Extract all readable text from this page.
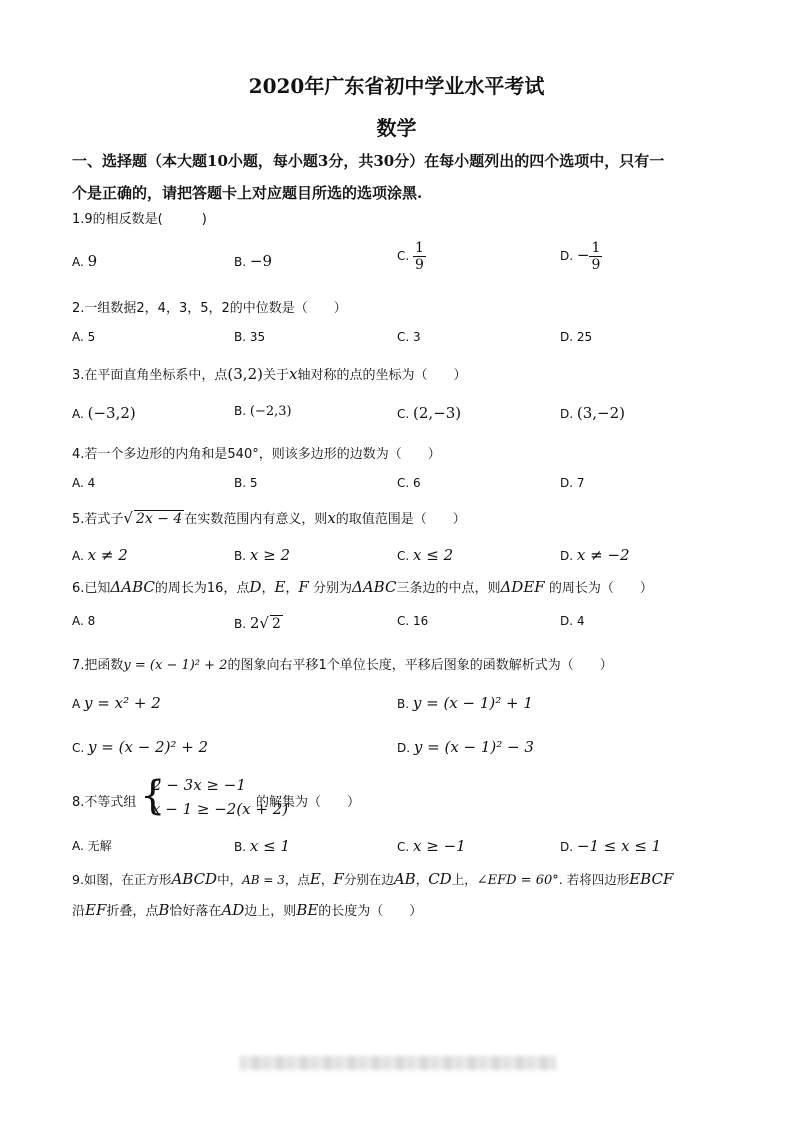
2020年广东省初中学业水平考试
数学
一、选择题（本大题10小题，每小题3分，共30分）在每小题列出的四个选项中，只有一
个是正确的，请把答题卡上对应题目所选的选项涂黑.
1.9的相反数是(　　　)
A. 9	B. −9	C. $\frac{1}{9}$	D. − $\frac{1}{9}$
2.一组数据2，4，3，5，2的中位数是（　　）
A. 5	B. 35	C. 3	D. 25
3.在平面直角坐标系中，点(3,2)关于x轴对称的点的坐标为（　　）
A. (−3,2)	B. (−2,3)	C. (2,−3)	D. (3,−2)
4.若一个多边形的内角和是540°，则该多边形的边数为（　　）
A. 4	B. 5	C. 6	D. 7
5.若式子√ 2x − 4 在实数范围内有意义，则x的取值范围是（　　）
A. x ≠ 2	B. x ≥ 2	C. x ≤ 2	D. x ≠ −2
6.已知ΔABC的周长为16，点D，E，F 分别为ΔABC三条边的中点，则ΔDEF 的周长为（　　）
A. 8	B. 2√ 2	C. 16	D. 4
7.把函数y = (x − 1)² + 2的图象向右平移1个单位长度，平移后图象的函数解析式为（　　）
A y = x² + 2	B. y = (x − 1)² + 1
C. y = (x − 2)² + 2	D. y = (x − 1)² − 3
8.不等式组 {
2 − 3x ≥ −1
x − 1 ≥ −2(x + 2)
的解集为（　　）
A. 无解	B. x ≤ 1	C. x ≥ −1	D. −1 ≤ x ≤ 1
9.如图，在正方形ABCD中，AB = 3，点E，F分别在边AB，CD上，∠EFD = 60°. 若将四边形EBCF
沿EF折叠，点B恰好落在AD边上，则BE的长度为（　　）
